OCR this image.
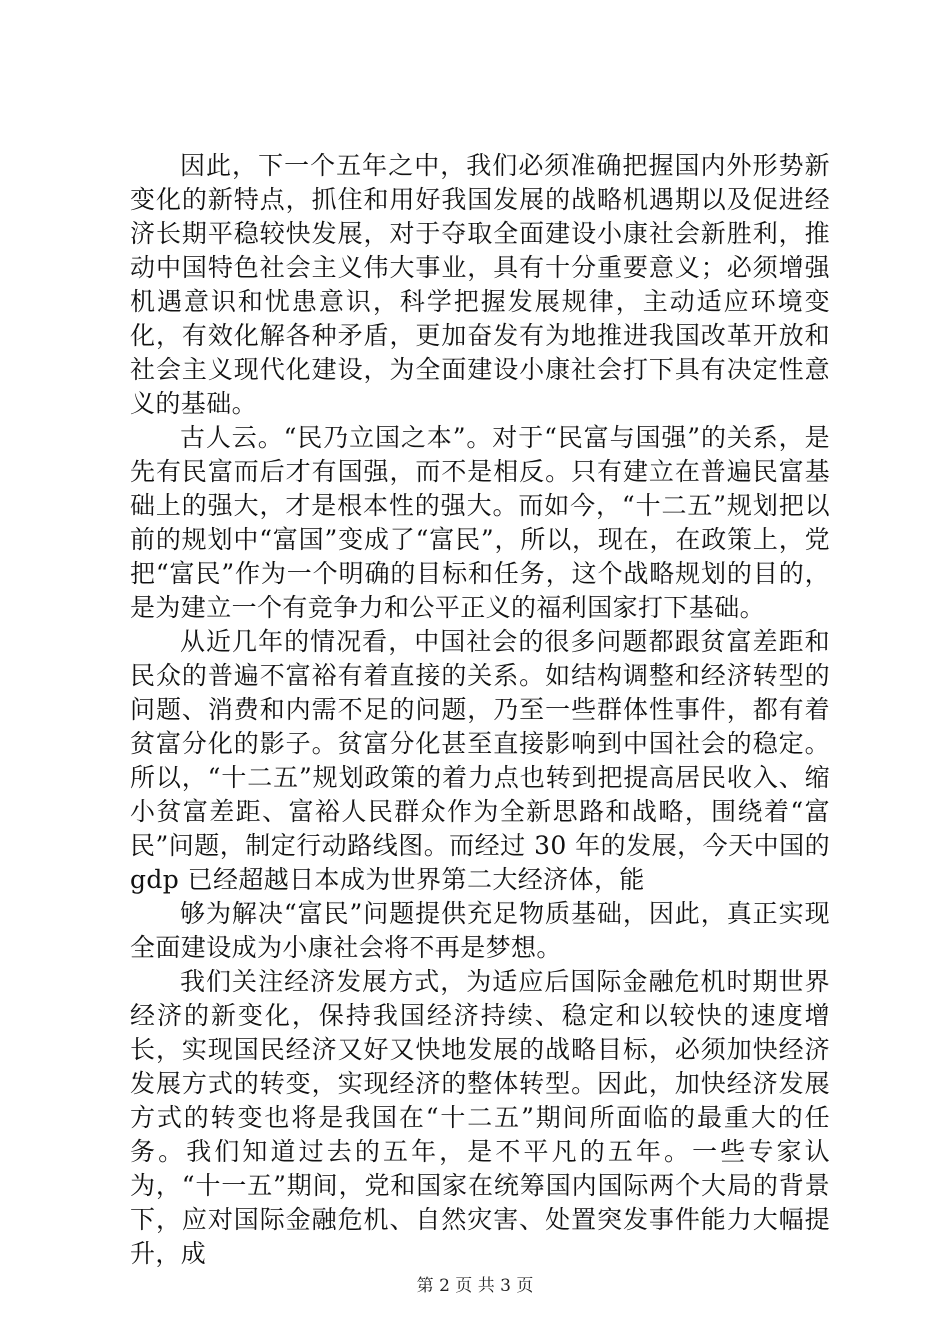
因此，下一个五年之中，我们必须准确把握国内外形势新变化的新特点，抓住和用好我国发展的战略机遇期以及促进经济长期平稳较快发展，对于夺取全面建设小康社会新胜利，推动中国特色社会主义伟大事业，具有十分重要意义；必须增强机遇意识和忧患意识，科学把握发展规律，主动适应环境变化，有效化解各种矛盾，更加奋发有为地推进我国改革开放和社会主义现代化建设，为全面建设小康社会打下具有决定性意义的基础。

古人云。“民乃立国之本”。对于“民富与国强”的关系，是先有民富而后才有国强，而不是相反。只有建立在普遍民富基础上的强大，才是根本性的强大。而如今，“十二五”规划把以前的规划中“富国”变成了“富民”，所以，现在，在政策上，党把“富民”作为一个明确的目标和任务，这个战略规划的目的，是为建立一个有竞争力和公平正义的福利国家打下基础。

从近几年的情况看，中国社会的很多问题都跟贫富差距和民众的普遍不富裕有着直接的关系。如结构调整和经济转型的问题、消费和内需不足的问题，乃至一些群体性事件，都有着贫富分化的影子。贫富分化甚至直接影响到中国社会的稳定。所以，“十二五”规划政策的着力点也转到把提高居民收入、缩小贫富差距、富裕人民群众作为全新思路和战略，围绕着“富民”问题，制定行动路线图。而经过 30 年的发展，今天中国的 gdp 已经超越日本成为世界第二大经济体，能

够为解决“富民”问题提供充足物质基础，因此，真正实现全面建设成为小康社会将不再是梦想。

我们关注经济发展方式，为适应后国际金融危机时期世界经济的新变化，保持我国经济持续、稳定和以较快的速度增长，实现国民经济又好又快地发展的战略目标，必须加快经济发展方式的转变，实现经济的整体转型。因此，加快经济发展方式的转变也将是我国在“十二五”期间所面临的最重大的任务。我们知道过去的五年，是不平凡的五年。一些专家认为，“十一五”期间，党和国家在统筹国内国际两个大局的背景下，应对国际金融危机、自然灾害、处置突发事件能力大幅提升，成

第 2 页 共 3 页
